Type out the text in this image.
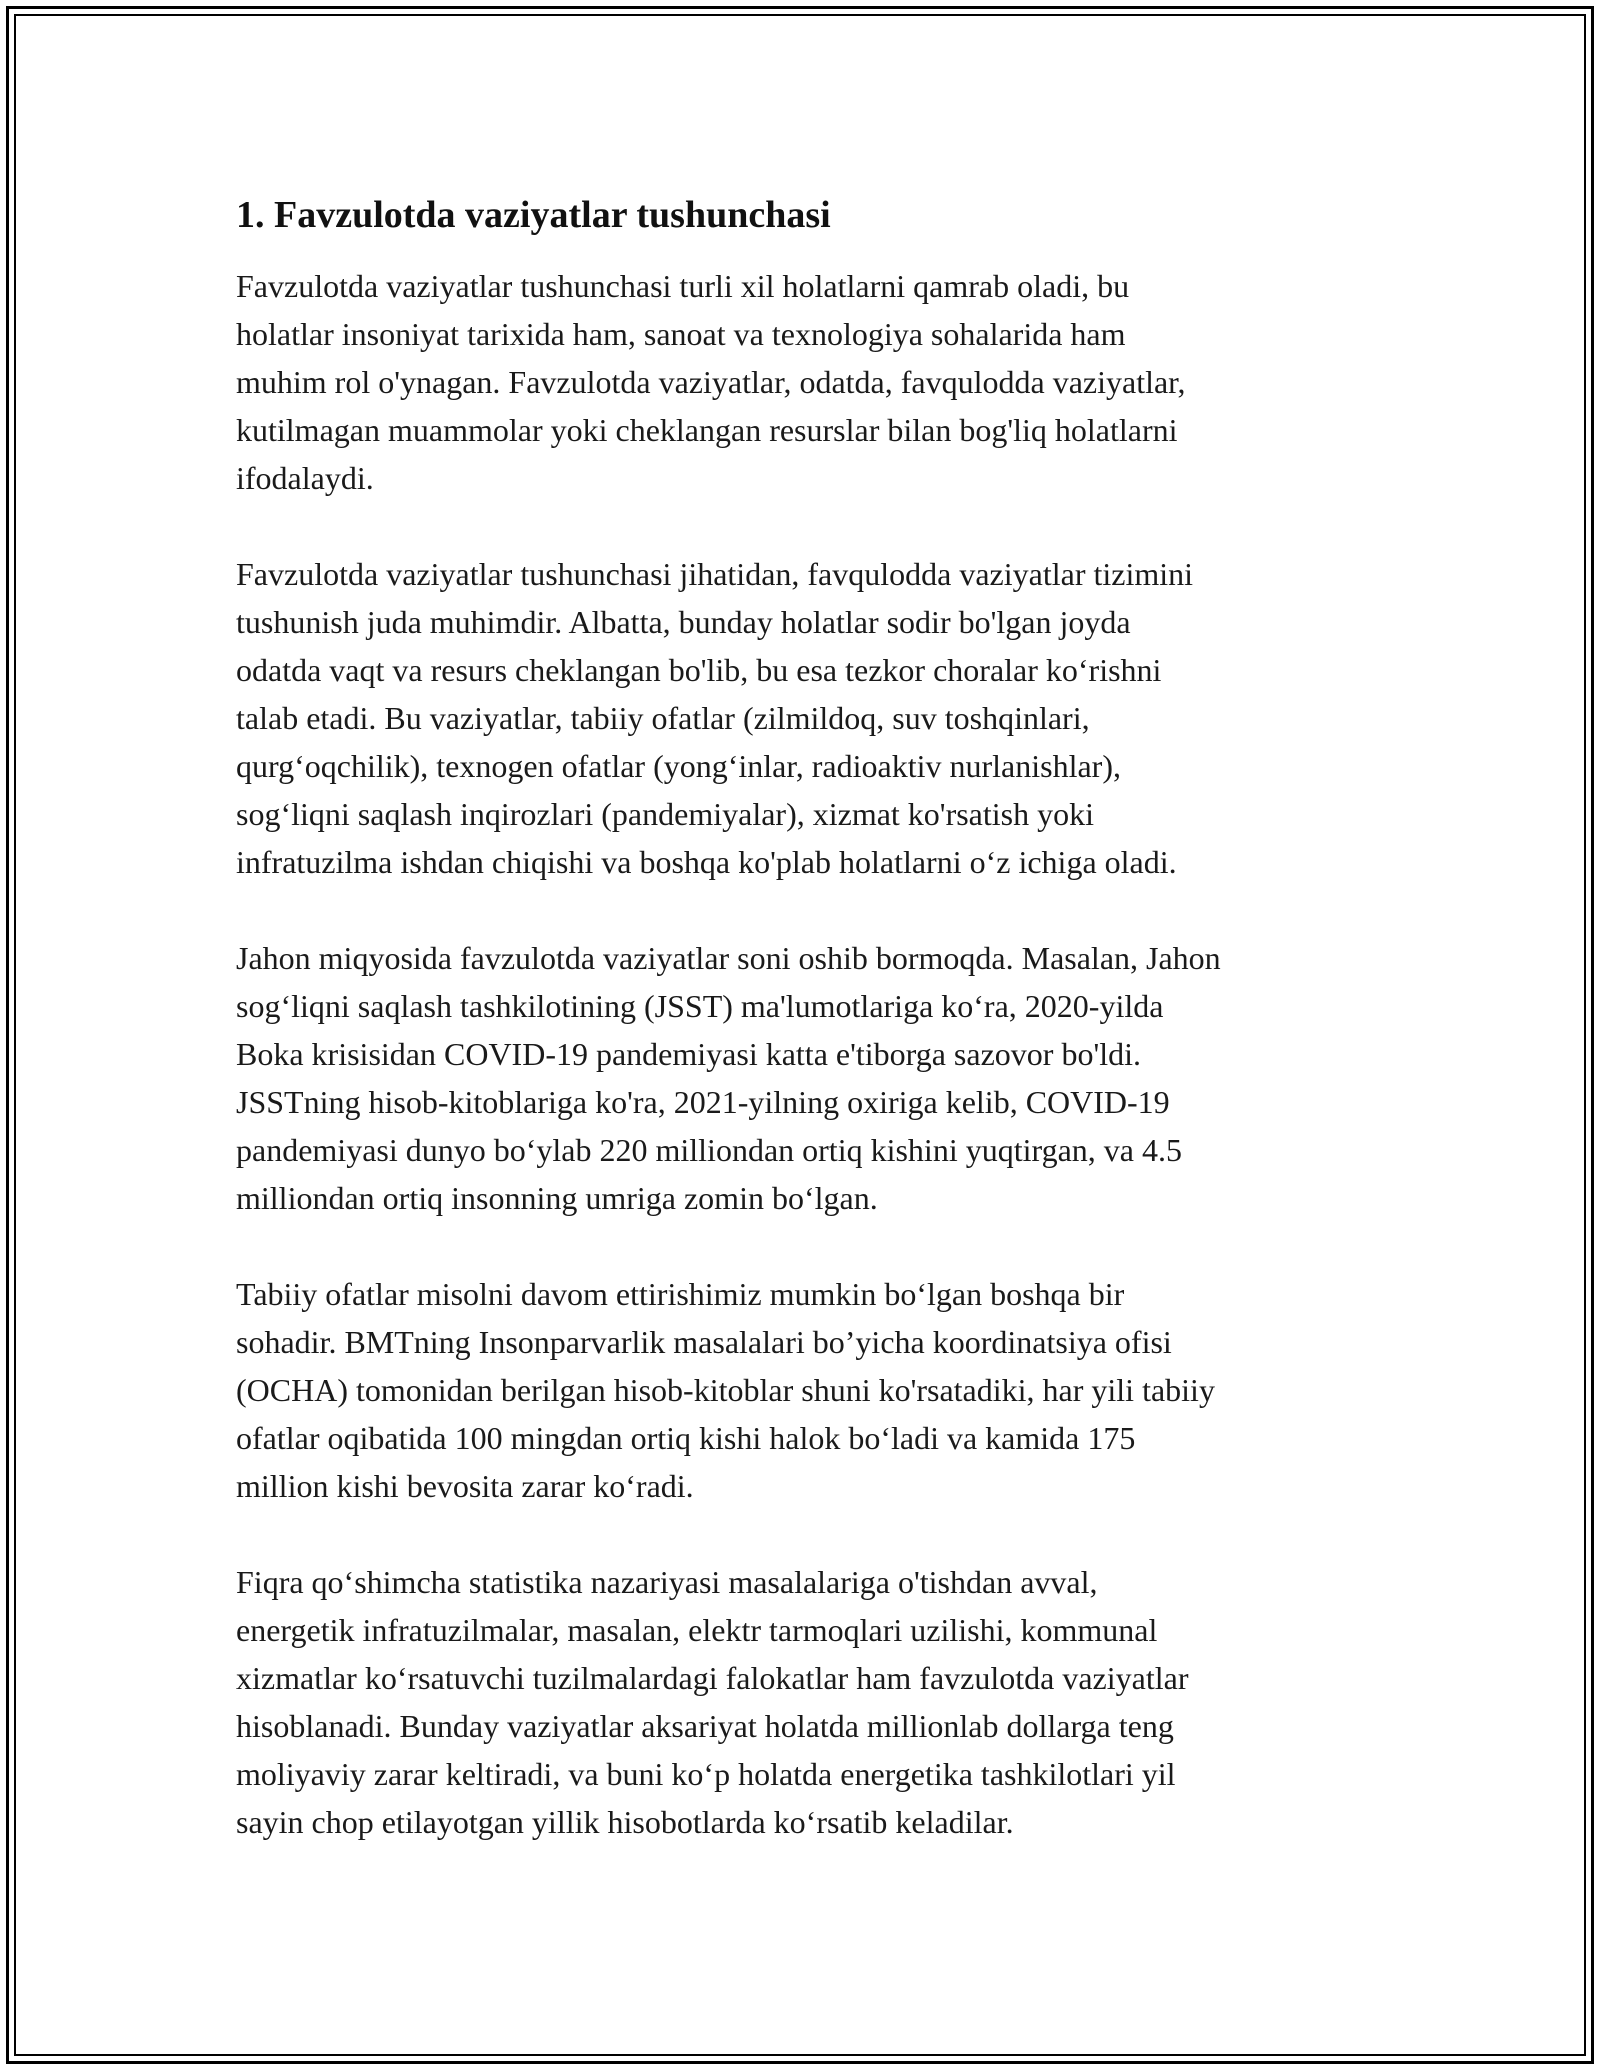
1. Favzulotda vaziyatlar tushunchasi

Favzulotda vaziyatlar tushunchasi turli xil holatlarni qamrab oladi, bu
holatlar insoniyat tarixida ham, sanoat va texnologiya sohalarida ham
muhim rol o'ynagan. Favzulotda vaziyatlar, odatda, favqulodda vaziyatlar,
kutilmagan muammolar yoki cheklangan resurslar bilan bog'liq holatlarni
ifodalaydi.

Favzulotda vaziyatlar tushunchasi jihatidan, favqulodda vaziyatlar tizimini
tushunish juda muhimdir. Albatta, bunday holatlar sodir bo'lgan joyda
odatda vaqt va resurs cheklangan bo'lib, bu esa tezkor choralar koʻrishni
talab etadi. Bu vaziyatlar, tabiiy ofatlar (zilmildoq, suv toshqinlari,
qurgʻoqchilik), texnogen ofatlar (yongʻinlar, radioaktiv nurlanishlar),
sogʻliqni saqlash inqirozlari (pandemiyalar), xizmat ko'rsatish yoki
infratuzilma ishdan chiqishi va boshqa ko'plab holatlarni oʻz ichiga oladi.

Jahon miqyosida favzulotda vaziyatlar soni oshib bormoqda. Masalan, Jahon
sogʻliqni saqlash tashkilotining (JSST) ma'lumotlariga koʻra, 2020-yilda
Boka krisisidan COVID-19 pandemiyasi katta e'tiborga sazovor bo'ldi.
JSSTning hisob-kitoblariga ko'ra, 2021-yilning oxiriga kelib, COVID-19
pandemiyasi dunyo boʻylab 220 milliondan ortiq kishini yuqtirgan, va 4.5
milliondan ortiq insonning umriga zomin boʻlgan.

Tabiiy ofatlar misolni davom ettirishimiz mumkin boʻlgan boshqa bir
sohadir. BMTning Insonparvarlik masalalari bo’yicha koordinatsiya ofisi
(OCHA) tomonidan berilgan hisob-kitoblar shuni ko'rsatadiki, har yili tabiiy
ofatlar oqibatida 100 mingdan ortiq kishi halok boʻladi va kamida 175
million kishi bevosita zarar koʻradi.

Fiqra qoʻshimcha statistika nazariyasi masalalariga o'tishdan avval,
energetik infratuzilmalar, masalan, elektr tarmoqlari uzilishi, kommunal
xizmatlar koʻrsatuvchi tuzilmalardagi falokatlar ham favzulotda vaziyatlar
hisoblanadi. Bunday vaziyatlar aksariyat holatda millionlab dollarga teng
moliyaviy zarar keltiradi, va buni koʻp holatda energetika tashkilotlari yil
sayin chop etilayotgan yillik hisobotlarda koʻrsatib keladilar.
